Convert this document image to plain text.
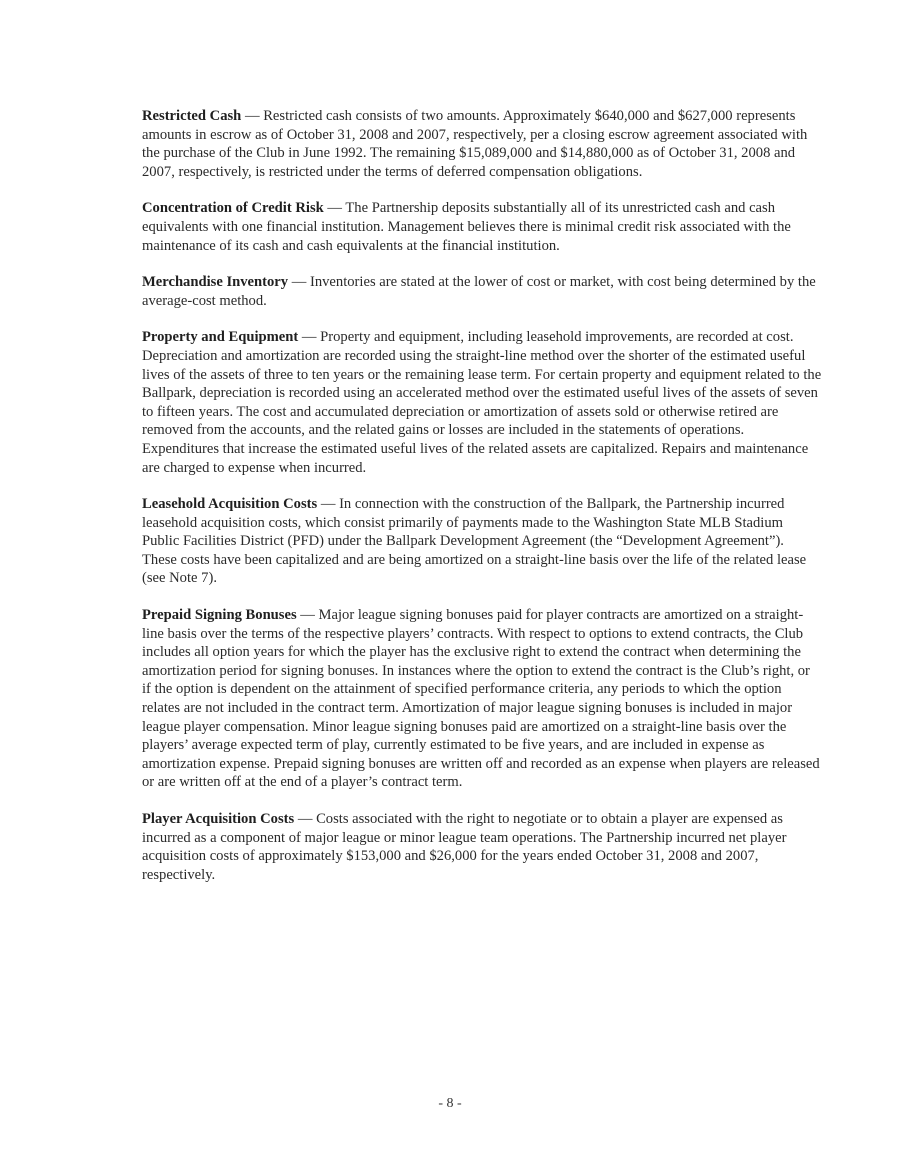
Restricted Cash — Restricted cash consists of two amounts. Approximately $640,000 and $627,000 represents amounts in escrow as of October 31, 2008 and 2007, respectively, per a closing escrow agreement associated with the purchase of the Club in June 1992. The remaining $15,089,000 and $14,880,000 as of October 31, 2008 and 2007, respectively, is restricted under the terms of deferred compensation obligations.

Concentration of Credit Risk — The Partnership deposits substantially all of its unrestricted cash and cash equivalents with one financial institution. Management believes there is minimal credit risk associated with the maintenance of its cash and cash equivalents at the financial institution.

Merchandise Inventory — Inventories are stated at the lower of cost or market, with cost being determined by the average-cost method.

Property and Equipment — Property and equipment, including leasehold improvements, are recorded at cost. Depreciation and amortization are recorded using the straight-line method over the shorter of the estimated useful lives of the assets of three to ten years or the remaining lease term. For certain property and equipment related to the Ballpark, depreciation is recorded using an accelerated method over the estimated useful lives of the assets of seven to fifteen years. The cost and accumulated depreciation or amortization of assets sold or otherwise retired are removed from the accounts, and the related gains or losses are included in the statements of operations. Expenditures that increase the estimated useful lives of the related assets are capitalized. Repairs and maintenance are charged to expense when incurred.

Leasehold Acquisition Costs — In connection with the construction of the Ballpark, the Partnership incurred leasehold acquisition costs, which consist primarily of payments made to the Washington State MLB Stadium Public Facilities District (PFD) under the Ballpark Development Agreement (the “Development Agreement”). These costs have been capitalized and are being amortized on a straight-line basis over the life of the related lease (see Note 7).

Prepaid Signing Bonuses — Major league signing bonuses paid for player contracts are amortized on a straight-line basis over the terms of the respective players’ contracts. With respect to options to extend contracts, the Club includes all option years for which the player has the exclusive right to extend the contract when determining the amortization period for signing bonuses. In instances where the option to extend the contract is the Club’s right, or if the option is dependent on the attainment of specified performance criteria, any periods to which the option relates are not included in the contract term. Amortization of major league signing bonuses is included in major league player compensation. Minor league signing bonuses paid are amortized on a straight-line basis over the players’ average expected term of play, currently estimated to be five years, and are included in expense as amortization expense. Prepaid signing bonuses are written off and recorded as an expense when players are released or are written off at the end of a player’s contract term.

Player Acquisition Costs — Costs associated with the right to negotiate or to obtain a player are expensed as incurred as a component of major league or minor league team operations. The Partnership incurred net player acquisition costs of approximately $153,000 and $26,000 for the years ended October 31, 2008 and 2007, respectively.

- 8 -
